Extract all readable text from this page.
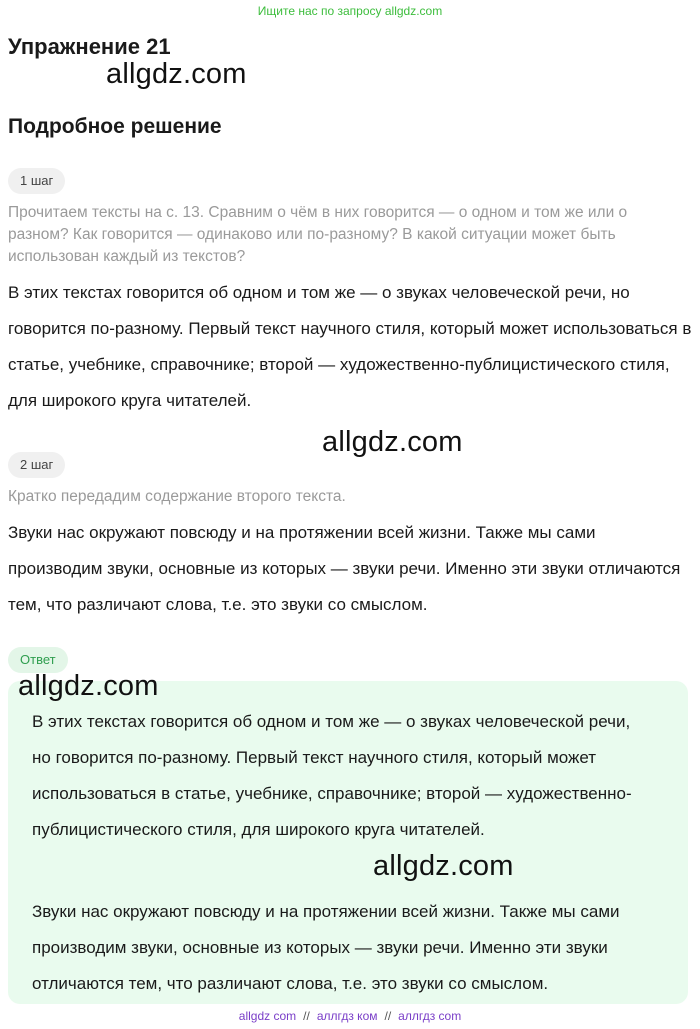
Ищите нас по запросу allgdz.com
Упражнение 21
allgdz.com
Подробное решение
1 шаг

Прочитаем тексты на с. 13. Сравним о чём в них говорится — о одном и том же или о разном? Как говорится — одинаково или по-разному? В какой ситуации может быть использован каждый из текстов?

В этих текстах говорится об одном и том же — о звуках человеческой речи, но говорится по-разному. Первый текст научного стиля, который может использоваться в статье, учебнике, справочнике; второй — художественно-публицистического стиля, для широкого круга читателей.

allgdz.com
2 шаг

Кратко передадим содержание второго текста.

Звуки нас окружают повсюду и на протяжении всей жизни. Также мы сами производим звуки, основные из которых — звуки речи. Именно эти звуки отличаются тем, что различают слова, т.е. это звуки со смыслом.

Ответ

В этих текстах говорится об одном и том же — о звуках человеческой речи, но говорится по-разному. Первый текст научного стиля, который может использоваться в статье, учебнике, справочнике; второй — художественно-публицистического стиля, для широкого круга читателей.

Звуки нас окружают повсюду и на протяжении всей жизни. Также мы сами производим звуки, основные из которых — звуки речи. Именно эти звуки отличаются тем, что различают слова, т.е. это звуки со смыслом.

allgdz.com
allgdz.com
allgdz com // аллгдз ком // аллгдз com
